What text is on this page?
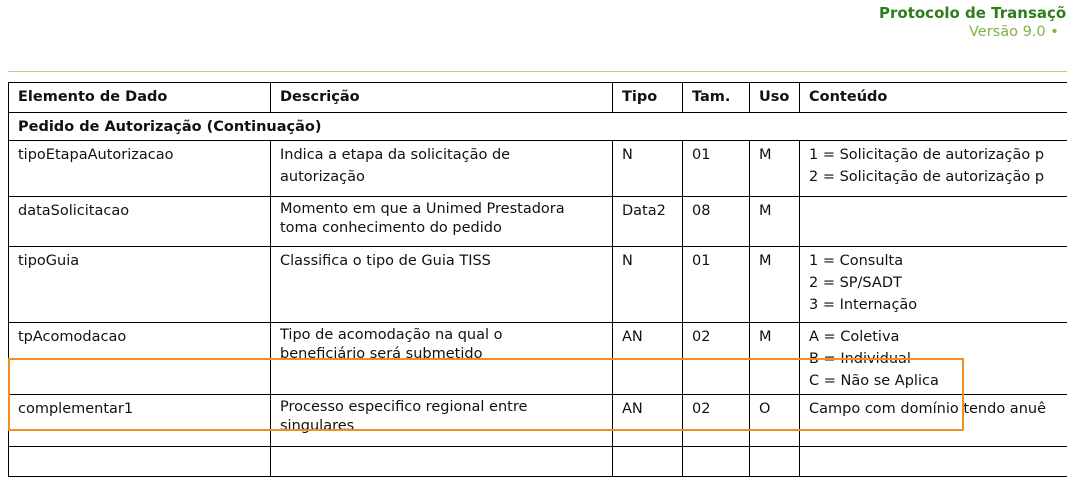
Protocolo de Transaçõ
Versão 9.0 •
Elemento de Dado	Descrição	Tipo	Tam.	Uso	Conteúdo
Pedido de Autorização (Continuação)					
tipoEtapaAutorizacao	Indica a etapa da solicitação de
autorização	N	01	M	1 = Solicitação de autorização p
2 = Solicitação de autorização p

dataSolicitacao	Momento em que a Unimed Prestadora
toma conhecimento do pedido	Data2	08	M	
tipoGuia	Classifica o tipo de Guia TISS	N	01	M	1 = Consulta
2 = SP/SADT
3 = Internação

tpAcomodacao	Tipo de acomodação na qual o
beneficiário será submetido	AN	02	M	A = Coletiva
B = Individual
C = Não se Aplica

complementar1	Processo especifico regional entre
singulares	AN	02	O	Campo com domínio tendo anuê
